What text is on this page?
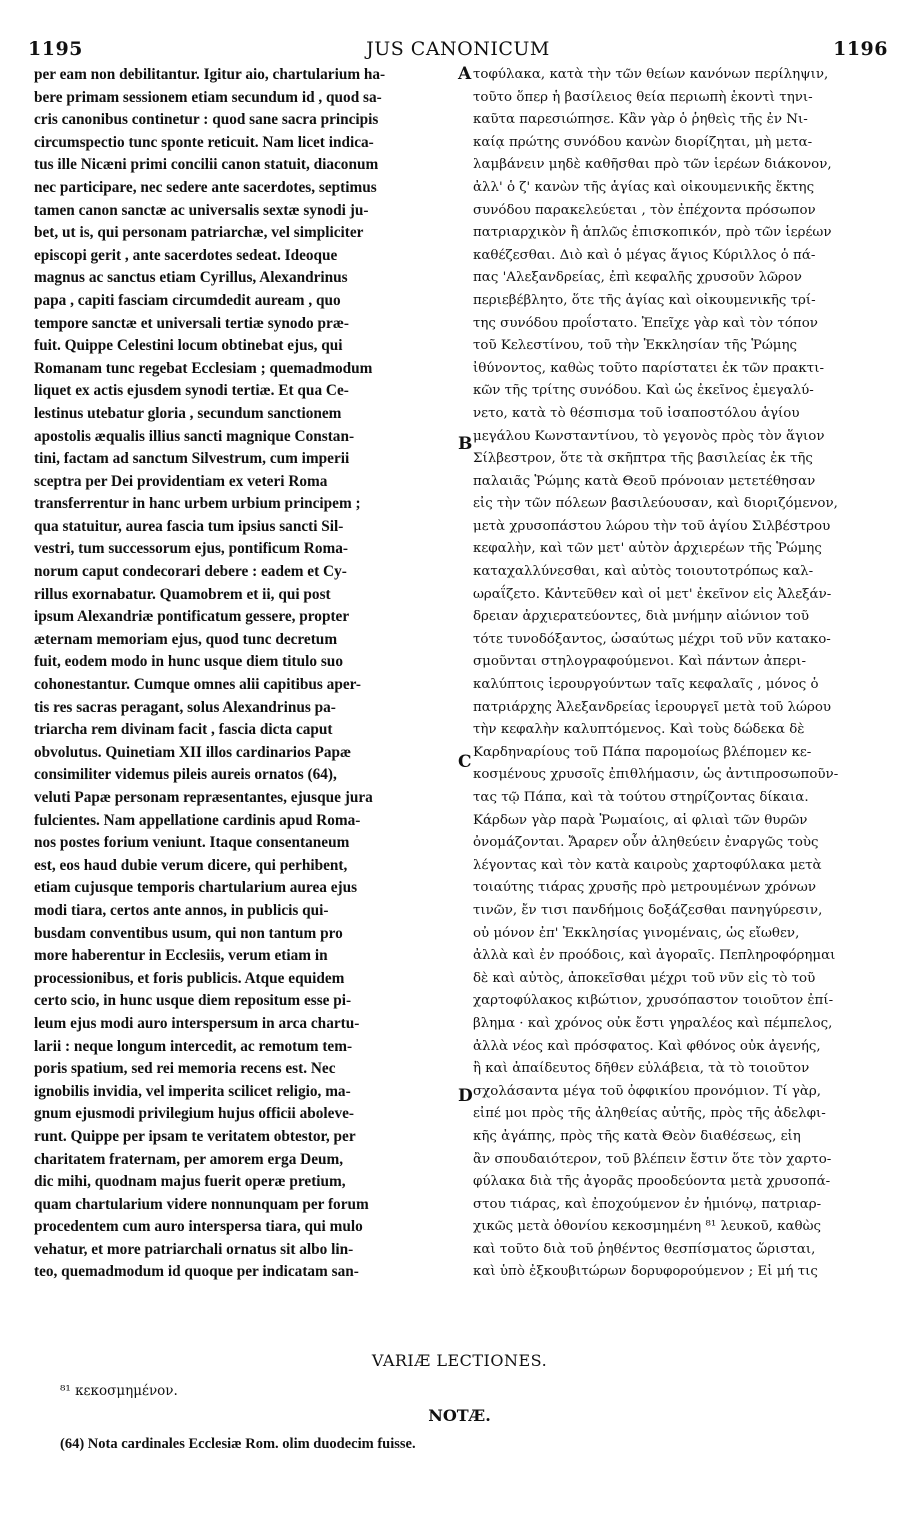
JUS CANONICUM
1195	1196
per eam non debilitantur. Igitur aio, chartularium ha-
bere primam sessionem etiam secundum id , quod sa-
cris canonibus continetur : quod sane sacra principis
circumspectio tunc sponte reticuit. Nam licet indica-
tus ille Nicæni primi concilii canon statuit, diaconum
nec participare, nec sedere ante sacerdotes, septimus
tamen canon sanctæ ac universalis sextæ synodi ju-
bet, ut is, qui personam patriarchæ, vel simpliciter
episcopi gerit , ante sacerdotes sedeat. Ideoque
magnus ac sanctus etiam Cyrillus, Alexandrinus
papa , capiti fasciam circumdedit auream , quo
tempore sanctæ et universali tertiæ synodo præ-
fuit. Quippe Celestini locum obtinebat ejus, qui
Romanam tunc regebat Ecclesiam ; quemadmodum
liquet ex actis ejusdem synodi tertiæ. Et qua Ce-
lestinus utebatur gloria , secundum sanctionem
apostolis æqualis illius sancti magnique Constan-
tini, factam ad sanctum Silvestrum, cum imperii
sceptra per Dei providentiam ex veteri Roma
transferrentur in hanc urbem urbium principem ;
qua statuitur, aurea fascia tum ipsius sancti Sil-
vestri, tum successorum ejus, pontificum Roma-
norum caput condecorari debere : eadem et Cy-
rillus exornabatur. Quamobrem et ii, qui post
ipsum Alexandriæ pontificatum gessere, propter
æternam memoriam ejus, quod tunc decretum
fuit, eodem modo in hunc usque diem titulo suo
cohonestantur. Cumque omnes alii capitibus aper-
tis res sacras peragant, solus Alexandrinus pa-
triarcha rem divinam facit , fascia dicta caput
obvolutus. Quinetiam XII illos cardinarios Papæ
consimiliter videmus pileis aureis ornatos (64),
veluti Papæ personam repræsentantes, ejusque jura
fulcientes. Nam appellatione cardinis apud Roma-
nos postes forium veniunt. Itaque consentaneum
est, eos haud dubie verum dicere, qui perhibent,
etiam cujusque temporis chartularium aurea ejus
modi tiara, certos ante annos, in publicis qui-
busdam conventibus usum, qui non tantum pro
more haberentur in Ecclesiis, verum etiam in
processionibus, et foris publicis. Atque equidem
certo scio, in hunc usque diem repositum esse pi-
leum ejus modi auro interspersum in arca chartu-
larii : neque longum intercedit, ac remotum tem-
poris spatium, sed rei memoria recens est. Nec
ignobilis invidia, vel imperita scilicet religio, ma-
gnum ejusmodi privilegium hujus officii aboleve-
runt. Quippe per ipsam te veritatem obtestor, per
charitatem fraternam, per amorem erga Deum,
dic mihi, quodnam majus fuerit operæ pretium,
quam chartularium videre nonnunquam per forum
procedentem cum auro interspersa tiara, qui mulo
vehatur, et more patriarchali ornatus sit albo lin-
teo, quemadmodum id quoque per indicatam san-
τοφύλακα, κατὰ τὴν τῶν θείων κανόνων περίληψιν,
τοῦτο ὅπερ ἡ βασίλειος θεία περιωπὴ ἑκοντὶ τηνι-
καῦτα παρεσιώπησε. Κἂν γὰρ ὁ ῥηθεὶς τῆς ἐν Νι-
καίᾳ πρώτης συνόδου κανὼν διορίζηται, μὴ μετα-
λαμβάνειν μηδὲ καθῆσθαι πρὸ τῶν ἱερέων διάκονον,
ἀλλ' ὁ ζ' κανὼν τῆς ἁγίας καὶ οἰκουμενικῆς ἕκτης
συνόδου παρακελεύεται , τὸν ἐπέχοντα πρόσωπον
πατριαρχικὸν ἢ ἁπλῶς ἐπισκοπικόν, πρὸ τῶν ἱερέων
καθέζεσθαι. Διὸ καὶ ὁ μέγας ἅγιος Κύριλλος ὁ πά-
πας 'Αλεξανδρείας, ἐπὶ κεφαλῆς χρυσοῦν λῶρον
περιεβέβλητο, ὅτε τῆς ἁγίας καὶ οἰκουμενικῆς τρί-
της συνόδου προΐστατο. Ἐπεῖχε γὰρ καὶ τὸν τόπον
τοῦ Κελεστίνου, τοῦ τὴν Ἐκκλησίαν τῆς Ῥώμης
ἰθύνοντος, καθὼς τοῦτο παρίστατει ἐκ τῶν πρακτι-
κῶν τῆς τρίτης συνόδου. Καὶ ὡς ἐκεῖνος ἐμεγαλύ-
νετο, κατὰ τὸ θέσπισμα τοῦ ἰσαποστόλου ἁγίου
μεγάλου Κωνσταντίνου, τὸ γεγονὸς πρὸς τὸν ἅγιον
Σίλβεστρον, ὅτε τὰ σκῆπτρα τῆς βασιλείας ἐκ τῆς
παλαιᾶς Ῥώμης κατὰ Θεοῦ πρόνοιαν μετετέθησαν
εἰς τὴν τῶν πόλεων βασιλεύουσαν, καὶ διοριζόμενον,
μετὰ χρυσοπάστου λώρου τὴν τοῦ ἁγίου Σιλβέστρου
κεφαλὴν, καὶ τῶν μετ' αὐτὸν ἀρχιερέων τῆς Ῥώμης
καταχαλλύνεσθαι, καὶ αὐτὸς τοιουτοτρόπως καλ-
ωραΐζετο. Κἀντεῦθεν καὶ οἱ μετ' ἐκεῖνον εἰς Ἀλεξάν-
δρειαν ἀρχιερατεύοντες, διὰ μνήμην αἰώνιον τοῦ
τότε τυνοδόξαντος, ὡσαύτως μέχρι τοῦ νῦν κατακο-
σμοῦνται στηλογραφούμενοι. Καὶ πάντων ἀπερι-
καλύπτοις ἱερουργούντων ταῖς κεφαλαῖς , μόνος ὁ
πατριάρχης Ἀλεξανδρείας ἱερουργεῖ μετὰ τοῦ λώρου
τὴν κεφαλὴν καλυπτόμενος. Καὶ τοὺς δώδεκα δὲ
Καρδηναρίους τοῦ Πάπα παρομοίως βλέπομεν κε-
κοσμένους χρυσοῖς ἐπιθλήμασιν, ὡς ἀντιπροσωποῦν-
τας τῷ Πάπα, καὶ τὰ τούτου στηρίζοντας δίκαια.
Κάρδων γὰρ παρὰ Ῥωμαίοις, αἱ φλιαὶ τῶν θυρῶν
ὀνομάζονται. Ἄραρεν οὖν ἀληθεύειν ἐναργῶς τοὺς
λέγοντας καὶ τὸν κατὰ καιροὺς χαρτοφύλακα μετὰ
τοιαύτης τιάρας χρυσῆς πρὸ μετρουμένων χρόνων
τινῶν, ἔν τισι πανδήμοις δοξάζεσθαι πανηγύρεσιν,
οὐ μόνον ἐπ' Ἐκκλησίας γινομέναις, ὡς εἴωθεν,
ἀλλὰ καὶ ἐν προόδοις, καὶ ἀγοραῖς. Πεπληροφόρημαι
δὲ καὶ αὐτὸς, ἀποκεῖσθαι μέχρι τοῦ νῦν εἰς τὸ τοῦ
χαρτοφύλακος κιβώτιον, χρυσόπαστον τοιοῦτον ἐπί-
βλημα · καὶ χρόνος οὐκ ἔστι γηραλέος καὶ πέμπελος,
ἀλλὰ νέος καὶ πρόσφατος. Καὶ φθόνος οὐκ ἀγενής,
ἢ καὶ ἀπαίδευτος δῆθεν εὐλάβεια, τὰ τὸ τοιοῦτον
σχολάσαντα μέγα τοῦ ὀφφικίου προνόμιον. Τί γὰρ,
εἰπέ μοι πρὸς τῆς ἀληθείας αὐτῆς, πρὸς τῆς ἀδελφι-
κῆς ἀγάπης, πρὸς τῆς κατὰ Θεὸν διαθέσεως, εἰη
ἂν σπουδαιότερον, τοῦ βλέπειν ἔστιν ὅτε τὸν χαρτο-
φύλακα διὰ τῆς ἀγορᾶς προοδεύοντα μετὰ χρυσοπά-
στου τιάρας, καὶ ἐποχούμενον ἐν ἡμιόνῳ, πατριαρ-
χικῶς μετὰ ὀθονίου κεκοσμημένη ⁸¹ λευκοῦ, καθὼς
καὶ τοῦτο διὰ τοῦ ῥηθέντος θεσπίσματος ὥρισται,
καὶ ὑπὸ ἐξκουβιτώρων δορυφορούμενον ; Εἰ μή τις
A
B
C
D
VARIÆ LECTIONES.
⁸¹ κεκοσμημένον.
NOTÆ.
(64) Nota cardinales Ecclesiæ Rom. olim duodecim fuisse.
